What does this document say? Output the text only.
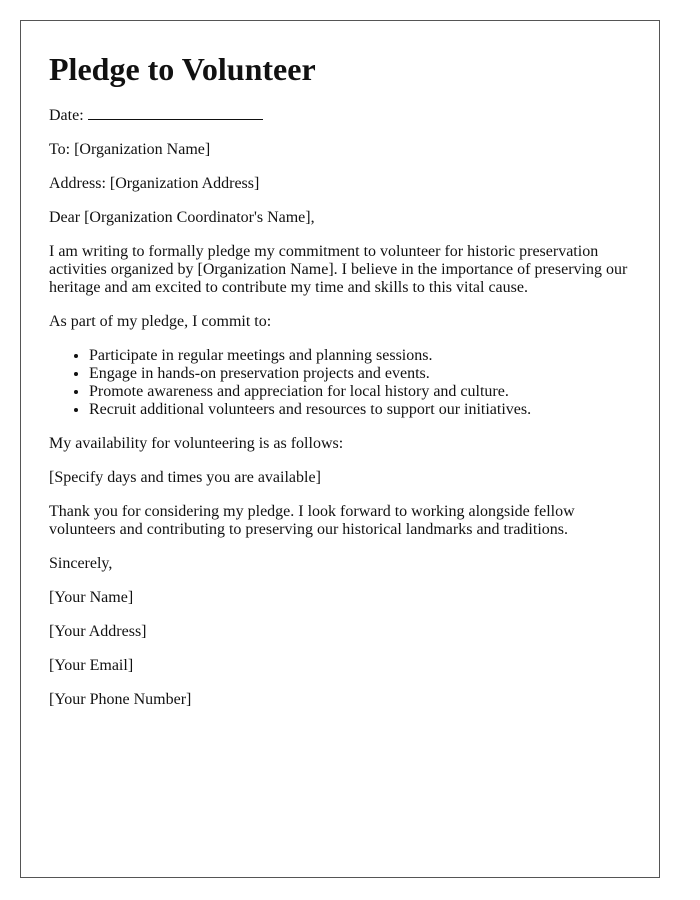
Pledge to Volunteer

Date:

To: [Organization Name]

Address: [Organization Address]

Dear [Organization Coordinator's Name],

I am writing to formally pledge my commitment to volunteer for historic preservation activities organized by [Organization Name]. I believe in the importance of preserving our heritage and am excited to contribute my time and skills to this vital cause.

As part of my pledge, I commit to:

• Participate in regular meetings and planning sessions.
• Engage in hands-on preservation projects and events.
• Promote awareness and appreciation for local history and culture.
• Recruit additional volunteers and resources to support our initiatives.

My availability for volunteering is as follows:

[Specify days and times you are available]

Thank you for considering my pledge. I look forward to working alongside fellow volunteers and contributing to preserving our historical landmarks and traditions.

Sincerely,

[Your Name]

[Your Address]

[Your Email]

[Your Phone Number]
